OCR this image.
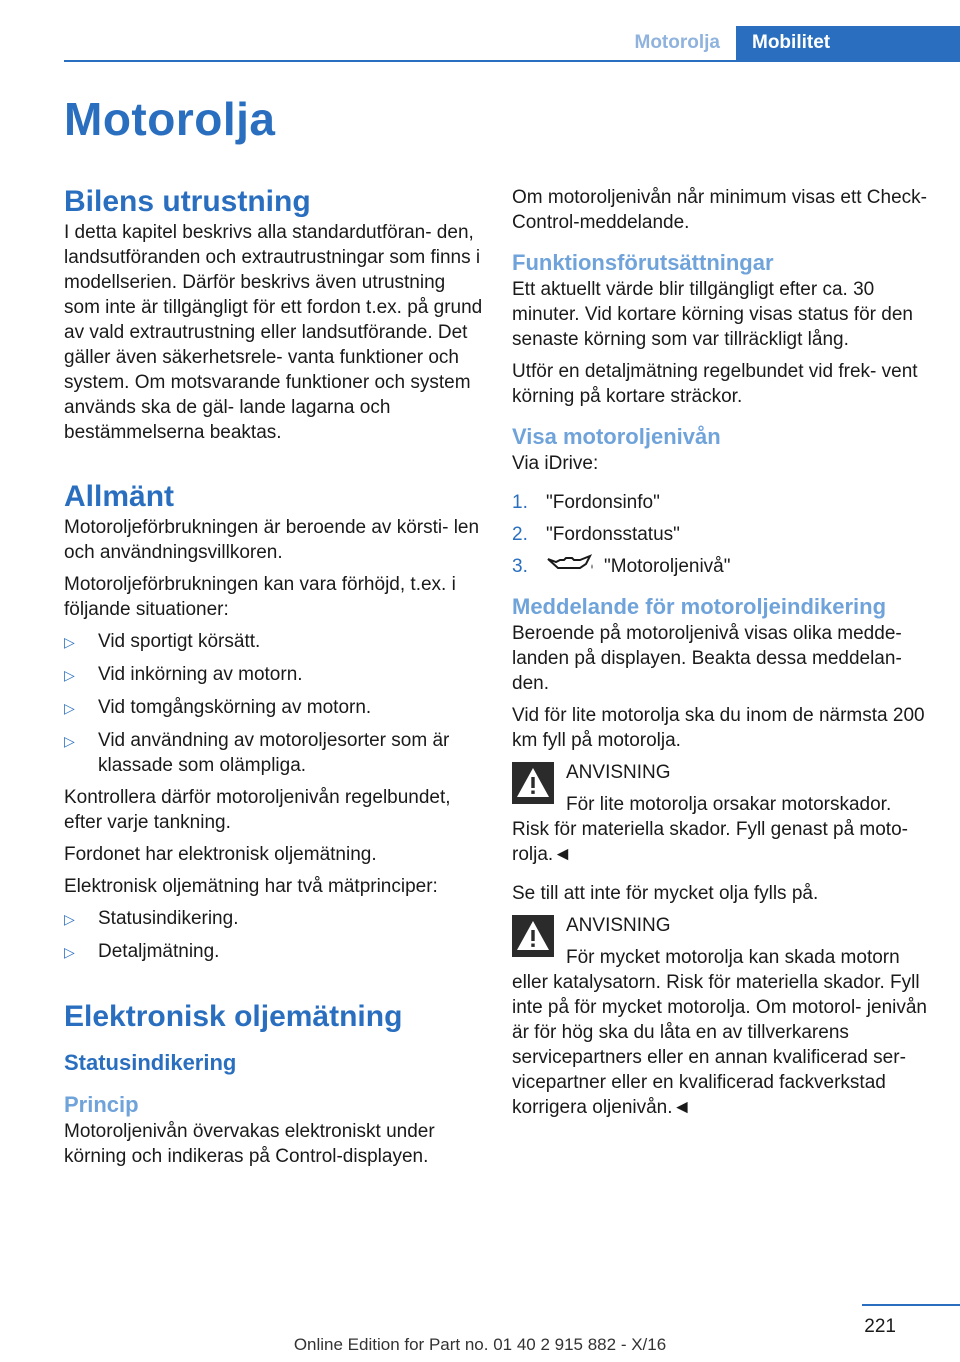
Motorolja	Mobilitet
Motorolja
Bilens utrustning

I detta kapitel beskrivs alla standardutföran- den, landsutföranden och extrautrustningar som finns i modellserien. Därför beskrivs även utrustning som inte är tillgängligt för ett fordon t.ex. på grund av vald extrautrustning eller landsutförande. Det gäller även säkerhetsrele- vanta funktioner och system. Om motsvarande funktioner och system används ska de gäl- lande lagarna och bestämmelserna beaktas.

Allmänt

Motoroljeförbrukningen är beroende av körsti- len och användningsvillkoren.

Motoroljeförbrukningen kan vara förhöjd, t.ex. i följande situationer:

▷	Vid sportigt körsätt.
▷	Vid inkörning av motorn.
▷	Vid tomgångskörning av motorn.
▷	Vid användning av motoroljesorter som är klassade som olämpliga.

Kontrollera därför motoroljenivån regelbundet, efter varje tankning.

Fordonet har elektronisk oljemätning.

Elektronisk oljemätning har två mätprinciper:

▷	Statusindikering.
▷	Detaljmätning.
Elektronisk oljemätning
Statusindikering
Princip

Motoroljenivån övervakas elektroniskt under körning och indikeras på Control-displayen.

Om motoroljenivån når minimum visas ett Check-Control-meddelande.

Funktionsförutsättningar

Ett aktuellt värde blir tillgängligt efter ca. 30 minuter. Vid kortare körning visas status för den senaste körning som var tillräckligt lång.

Utför en detaljmätning regelbundet vid frek- vent körning på kortare sträckor.

Visa motoroljenivån

Via iDrive:

1. "Fordonsinfo"
2. "Fordonsstatus"
3.	"Motoroljenivå"
Meddelande för motoroljeindikering

Beroende på motoroljenivå visas olika medde- landen på displayen. Beakta dessa meddelan- den.

Vid för lite motorolja ska du inom de närmsta 200 km fyll på motorolja.

ANVISNING

För lite motorolja orsakar motorskador. Risk för materiella skador. Fyll genast på moto- rolja.◄

Se till att inte för mycket olja fylls på.

ANVISNING

För mycket motorolja kan skada motorn eller katalysatorn. Risk för materiella skador. Fyll inte på för mycket motorolja. Om motorol- jenivån är för hög ska du låta en av tillverkarens servicepartners eller en annan kvalificerad ser- vicepartner eller en kvalificerad fackverkstad korrigera oljenivån.◄

221
Online Edition for Part no. 01 40 2 915 882 - X/16
